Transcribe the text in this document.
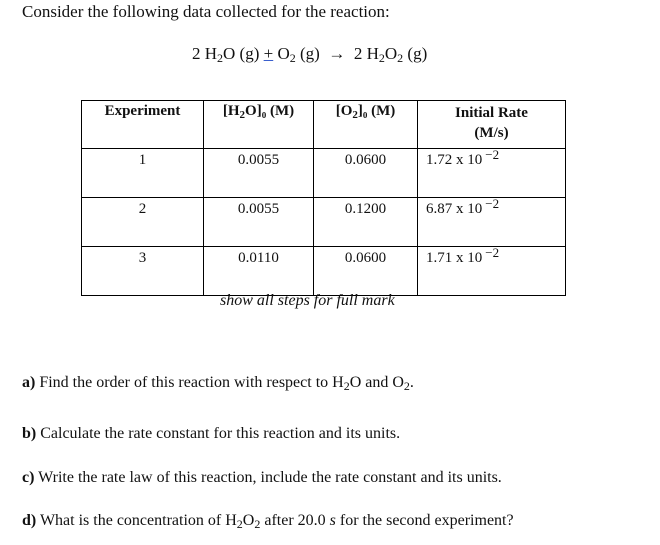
Consider the following data collected for the reaction:
2 $H_2O$ $(g) + O_2$ (g) → 2 $H_2O_2$ (g)
Experiment	$[H_2O]_0$ (M)	$[O_2]_0$ (M)	Initial Rate
(M/s)
1	0.0055	0.0600	1.72 x 10 $^{-2}$
2	0.0055	0.1200	6.87 x 10 $^{-2}$
3	0.0110	0.0600	1.71 x 10 $^{-2}$
show all steps for full mark
a) Find the order of this reaction with respect to $H_2O$ and $O_2$.
b) Calculate the rate constant for this reaction and its units.
c) Write the rate law of this reaction, include the rate constant and its units.
d) What is the concentration of $H_2O_2$ after 20.0 s for the second experiment?
